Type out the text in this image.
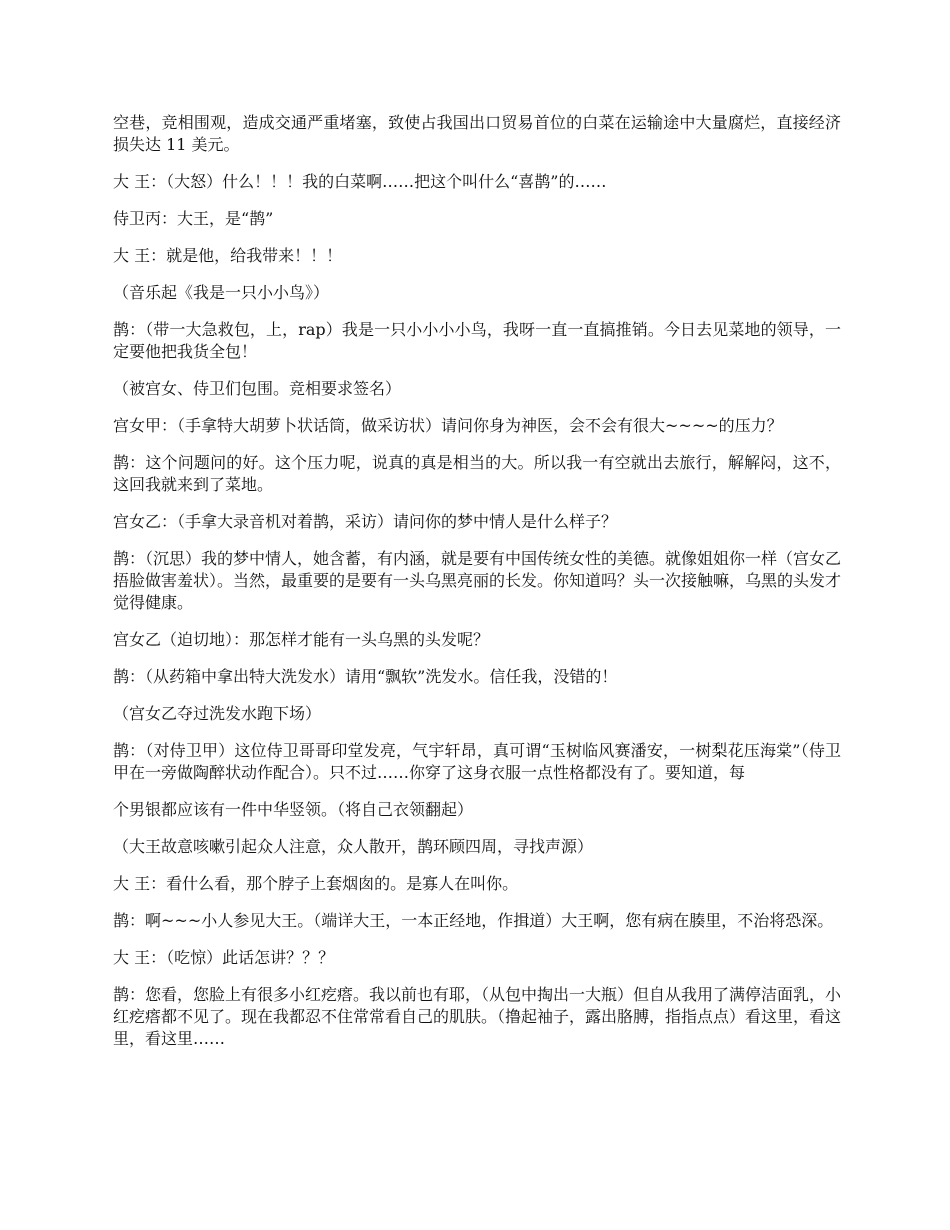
空巷，竞相围观，造成交通严重堵塞，致使占我国出口贸易首位的白菜在运输途中大量腐烂，直接经济损失达 11 美元。

大 王：（大怒）什么！！！我的白菜啊……把这个叫什么“喜鹊”的……

侍卫丙：大王，是“鹊”

大 王：就是他，给我带来！！！

（音乐起《我是一只小小鸟》）

鹊：（带一大急救包，上，rap）我是一只小小小小鸟，我呀一直一直搞推销。今日去见菜地的领导，一定要他把我货全包！

（被宫女、侍卫们包围。竞相要求签名）

宫女甲：（手拿特大胡萝卜状话筒，做采访状）请问你身为神医，会不会有很大~~~~的压力？

鹊：这个问题问的好。这个压力呢，说真的真是相当的大。所以我一有空就出去旅行，解解闷，这不，这回我就来到了菜地。

宫女乙：（手拿大录音机对着鹊，采访）请问你的梦中情人是什么样子？

鹊：（沉思）我的梦中情人，她含蓄，有内涵，就是要有中国传统女性的美德。就像姐姐你一样（宫女乙捂脸做害羞状）。当然，最重要的是要有一头乌黑亮丽的长发。你知道吗？头一次接触嘛，乌黑的头发才觉得健康。

宫女乙（迫切地）：那怎样才能有一头乌黑的头发呢？

鹊：（从药箱中拿出特大洗发水）请用“飘软”洗发水。信任我，没错的！

（宫女乙夺过洗发水跑下场）

鹊：（对侍卫甲）这位侍卫哥哥印堂发亮，气宇轩昂，真可谓“玉树临风赛潘安，一树梨花压海棠”（侍卫甲在一旁做陶醉状动作配合）。只不过……你穿了这身衣服一点性格都没有了。要知道，每

个男银都应该有一件中华竖领。（将自己衣领翻起）

（大王故意咳嗽引起众人注意，众人散开，鹊环顾四周，寻找声源）

大 王：看什么看，那个脖子上套烟囱的。是寡人在叫你。

鹊：啊~~~小人参见大王。（端详大王，一本正经地，作揖道）大王啊，您有病在腠里，不治将恐深。

大 王：（吃惊）此话怎讲？？？

鹊：您看，您脸上有很多小红疙瘩。我以前也有耶，（从包中掏出一大瓶）但自从我用了满停洁面乳，小红疙瘩都不见了。现在我都忍不住常常看自己的肌肤。（撸起袖子，露出胳膊，指指点点）看这里，看这里，看这里……
